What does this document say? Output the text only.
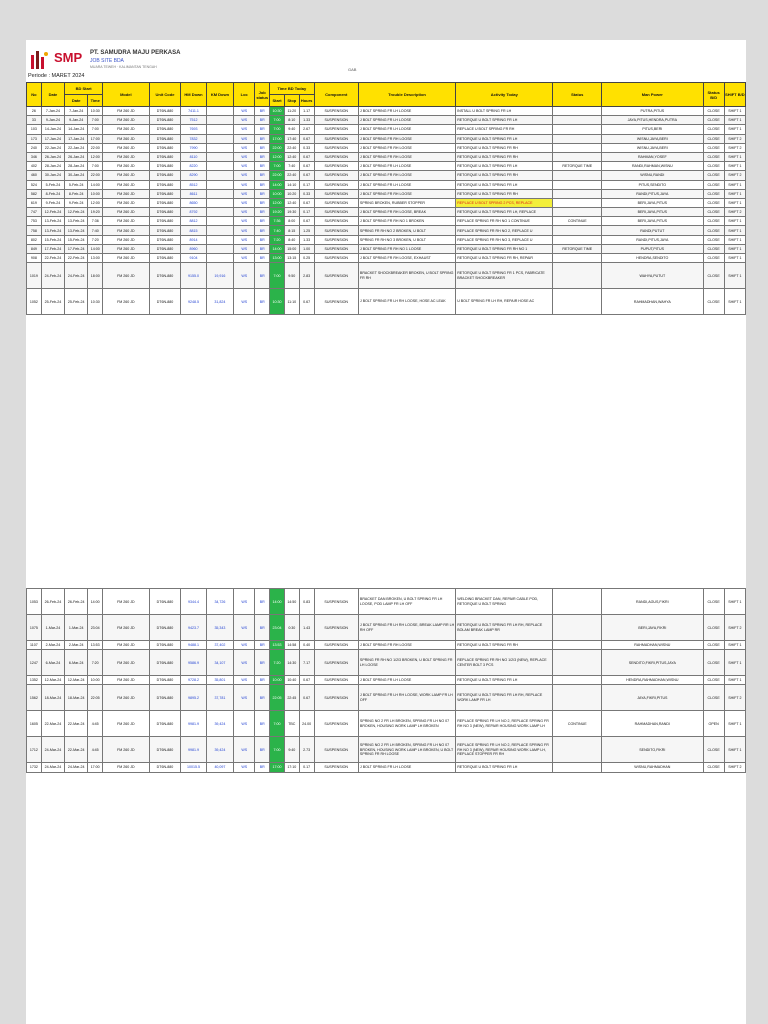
SMP PT. SAMUDRA MAJU PERKASA
JOB SITE BDA
MUARA TEWEH · KALIMANTAN TENGAH
Periode : MARET 2024
GAB
No	Date	BD Start		Model	Unit Code	HM Down	KM Down	Loc	Job status	Time BD Today			Component	Trouble Description	Activity Today	Status	Man Power	Status B/D	SHIFT B/D
		Date	Time							Start	Stop	Hours							
26	7-Jan-24	7-Jan-24	10:30	FM 260 JD	DT6N-880	7411.1		WS	BR	10:30	11:20	1.17	SUSPENSION	J BOLT SPRING FR LH LOOSE	INSTALL U BOLT SPRING FR LH		PUTRA,PITUS	CLOSE	SHIFT 1
33	9-Jan-24	9-Jan-24	7:00	FM 260 JD	DT6N-880	7512		WS	BR	7:00	8:10	1.33	SUSPENSION	J BOLT SPRING FR LH LOOSE	RETORQUE U BOLT SPRING FR LH		JAYA,PITUS,HENDRA,PUTRA	CLOSE	SHIFT 1
103	14-Jan-24	14-Jan-24	7:00	FM 260 JD	DT6N-880	7693		WS	BR	7:00	9:40	2.67	SUSPENSION	J BOLT SPRING FR LH LOOSE	REPLACE U BOLT SPRING FR RH		PITUS,BERI	CLOSE	SHIFT 1
173	17-Jan-24	17-Jan-24	17:00	FM 260 JD	DT6N-880	7832		WS	BR	17:00	17:40	0.67	SUSPENSION	J BOLT SPRING FR RH LOOSE	RETORQUE U BOLT SPRING FR LH		WISNU,JAYA,BERI	CLOSE	SHIFT 2
240	22-Jan-24	22-Jan-24	22:00	FM 260 JD	DT6N-880	7990		WS	BR	22:00	22:40	0.33	SUSPENSION	J BOLT SPRING FR RH LOOSE	RETORQUE U BOLT SPRING FR RH		WISNU,JAYA,BERI	CLOSE	SHIFT 2
346	26-Jan-24	26-Jan-24	12:00	FM 260 JD	DT6N-880	8110		WS	BR	12:00	12:40	0.67	SUSPENSION	J BOLT SPRING FR RH LOOSE	RETORQUE U BOLT SPRING FR RH		RAHMAN,YOSEF	CLOSE	SHIFT 1
402	28-Jan-24	28-Jan-24	7:00	FM 260 JD	DT6N-880	8220		WS	BR	7:00	7:40	0.67	SUSPENSION	J BOLT SPRING FR LH LOOSE	RETORQUE U BOLT SPRING FR LH	RETORQUE TIME	RANDI,RAHMAN,WISNU	CLOSE	SHIFT 1
460	30-Jan-24	30-Jan-24	22:00	FM 260 JD	DT6N-880	8290		WS	BR	22:00	22:40	0.67	SUSPENSION	J BOLT SPRING FR RH LOOSE	RETORQUE U BOLT SPRING FR RH		WISNU,RANDI	CLOSE	SHIFT 2
524	5-Feb-24	5-Feb-24	14:00	FM 260 JD	DT6N-880	8512		WS	BR	14:00	14:10	0.17	SUSPENSION	J BOLT SPRING FR LH LOOSE	RETORQUE U BOLT SPRING FR LH		PITUS,SENDITO	CLOSE	SHIFT 1
582	8-Feb-24	8-Feb-24	10:00	FM 260 JD	DT6N-880	8611		WS	BR	10:00	10:20	0.33	SUSPENSION	J BOLT SPRING FR RH LOOSE	RETORQUE U BOLT SPRING FR RH		RANDI,PITUS,JAYA	CLOSE	SHIFT 1
619	9-Feb-24	9-Feb-24	12:00	FM 260 JD	DT6N-880	8650		WS	BR	12:00	12:40	0.67	SUSPENSION	SPRING BROKEN, RUBBER STOPPER	REPLACE U BOLT SPRING 2 PCS, REPLACE		BERI,JAYA,PITUS	CLOSE	SHIFT 1
747	12-Feb-24	12-Feb-24	19:20	FM 260 JD	DT6N-880	8792		WS	BR	19:20	19:30	0.17	SUSPENSION	J BOLT SPRING FR RH LOOSE, BREAK	RETORQUE U BOLT SPRING FR LH, REPLACE		BERI,JAYA,PITUS	CLOSE	SHIFT 2
753	13-Feb-24	13-Feb-24	7:36	FM 260 JD	DT6N-880	8812		WS	BR	7:36	8:00	0.67	SUSPENSION	J BOLT SPRING FR RH NO 1 BROKEN	REPLACE SPRING FR RH NO 1 CONTINUE	CONTINUE	BERI,JAYA,PITUS	CLOSE	SHIFT 1
758	13-Feb-24	13-Feb-24	7:40	FM 260 JD	DT6N-880	8815		WS	BR	7:40	8:15	1.25	SUSPENSION	SPRING FR RH NO 2 BROKEN, U BOLT	REPLACE SPRING FR RH NO 2, REPLACE U		RANDI,PUTUT	CLOSE	SHIFT 1
802	15-Feb-24	15-Feb-24	7:20	FM 260 JD	DT6N-880	8914		WS	BR	7:20	8:40	1.33	SUSPENSION	SPRING FR RH NO 3 BROKEN, U BOLT	REPLACE SPRING FR RH NO 3, REPLACE U		RANDI,PITUS,JAYA	CLOSE	SHIFT 1
849	17-Feb-24	17-Feb-24	14:00	FM 260 JD	DT6N-880	8960		WS	BR	14:00	15:00	1.00	SUSPENSION	J BOLT SPRING FR RH NO 1 LOOSE	RETORQUE U BOLT SPRING FR RH NO 1	RETORQUE TIME	PUPUT,PITUS	CLOSE	SHIFT 1
908	22-Feb-24	22-Feb-24	13:00	FM 260 JD	DT6N-880	9104		WS	BR	13:00	13:15	0.25	SUSPENSION	J BOLT SPRING FR RH LOOSE, EXHAUST	RETORQUE U BOLT SPRING FR RH, REPAIR		HENDRA,SENDITO	CLOSE	SHIFT 1
1019	24-Feb-24	24-Feb-24	18:00	FM 260 JD	DT6N-880	9155.0	19,916	WS	BR	7:00	9:50	2.83	SUSPENSION	BRACKET SHOCKBREAKER BROKEN, U BOLT SPRING FR RH	RETORQUE U BOLT SPRING FR 1 PCS, FABRICATE BRACKET SHOCKBREAKER		WAHYA,PUTUT	CLOSE	SHIFT 1
1052	25-Feb-24	25-Feb-24	10:30	FM 260 JD	DT6N-880	9248.5	31,824	WS	BR	10:30	11:10	0.67	SUSPENSION	J BOLT SPRING FR LH RH LOOSE, HOSE AC LEAK	U BOLT SPRING FR LH RH, REPAIR HOSE AC		RAHMADHAN,WAHYA	CLOSE	SHIFT 1
1053	26-Feb-24	26-Feb-24	14:00	FM 260 JD	DT6N-880	9344.4	34,726	WS	BR	14:00	14:50	0.83	SUSPENSION	BRACKET DAN BROKEN, U BOLT SPRING FR LH LOOSE, POD LAMP FR LH OFF	WELDING BRACKET DAN, REPAIR CABLE POD, RETORQUE U BOLT SPRING		RANDI,AGUS,FIKRI	CLOSE	SHIFT 1
1075	1-Mar-24	1-Mar-24	23:04	FM 260 JD	DT6N-880	9423.7	35,343	WS	BR	23:04	0:30	1.43	SUSPENSION	J BOLT SPRING FR LH RH LOOSE, BREAK LAMP RR LH RH OFF	RETORQUE U BOLT SPRING FR LH RH, REPLACE BOLAM BREAK LAMP RR		BERI,JAYA,FIKRI	CLOSE	SHIFT 2
1107	2-Mar-24	2-Mar-24	13:53	FM 260 JD	DT6N-880	9488.1	37,402	WS	BR	13:53	14:58	0.40	SUSPENSION	J BOLT SPRING FR RH LOOSE	RETORQUE U BOLT SPRING FR RH		RAHMADHAN,WISNU	CLOSE	SHIFT 1
1247	6-Mar-24	6-Mar-24	7:20	FM 260 JD	DT6N-880	9586.9	34,107	WS	BR	7:20	14:30	7.17	SUSPENSION	SPRING FR RH NO 1/2/3 BROKEN, U BOLT SPRING FR LH LOOSE	REPLACE SPRING FR RH NO 1/2/3 (NEW), REPLACE CENTER BOLT 3 PCS		SENDITO,FIKRI,PITUS,JAYA	CLOSE	SHIFT 1
1352	12-Mar-24	12-Mar-24	10:00	FM 260 JD	DT6N-880	9728.2	35,801	WS	BR	10:00	10:40	0.67	SUSPENSION	J BOLT SPRING FR LH LOOSE	RETORQUE U BOLT SPRING FR LH		HENDRA,RAHMADHAN,WISNU	CLOSE	SHIFT 1
1562	18-Mar-24	18-Mar-24	22:05	FM 260 JD	DT6N-880	9895.2	37,781	WS	BR	22:05	22:45	0.67	SUSPENSION	J BOLT SPRING FR LH RH LOOSE, WORK LAMP FR LH OFF	RETORQUE U BOLT SPRING FR LH RH, REPLACE WORK LAMP FR LH		JAYA,FIKRI,PITUS	CLOSE	SHIFT 2
1605	22-Mar-24	22-Mar-24	4:45	FM 260 JD	DT6N-880	9981.9	39,424	WS	BR	7:00	TBC	24.00	SUSPENSION	SPRING NO 2 FR LH BROKEN, SPRING FR LH NO 07 BROKEN, HOUSING WORK LAMP LH BROKEN	REPLACE SPRING FR LH NO 2, REPLACE SPRING FR RH NO 3 (NEW), REPAIR HOUSING WORK LAMP LH	CONTINUE	RAHMADHAN,RANDI	OPEN	SHIFT 1
1712	24-Mar-24	22-Mar-24	4:45	FM 260 JD	DT6N-880	9981.9	39,424	WS	BR	7:00	9:40	2.73	SUSPENSION	SPRING NO 2 FR LH BROKEN, SPRING FR LH NO 07 BROKEN, HOUSING WORK LAMP LH BROKEN, U BOLT SPRING FR RH LOOSE	REPLACE SPRING FR LH NO 2, REPLACE SPRING FR RH NO 3 (NEW), REPAIR HOUSING WORK LAMP LH, REPLACE STOPPER FR RH		SENDITO,FIKRI	CLOSE	SHIFT 1
1732	24-Mar-24	24-Mar-24	17:00	FM 260 JD	DT6N-880	10015.5	40,097	WS	BR	17:00	17:10	0.17	SUSPENSION	J BOLT SPRING FR LH LOOSE	RETORQUE U BOLT SPRING FR LH		WISNU,RAHMADHAN	CLOSE	SHIFT 2
